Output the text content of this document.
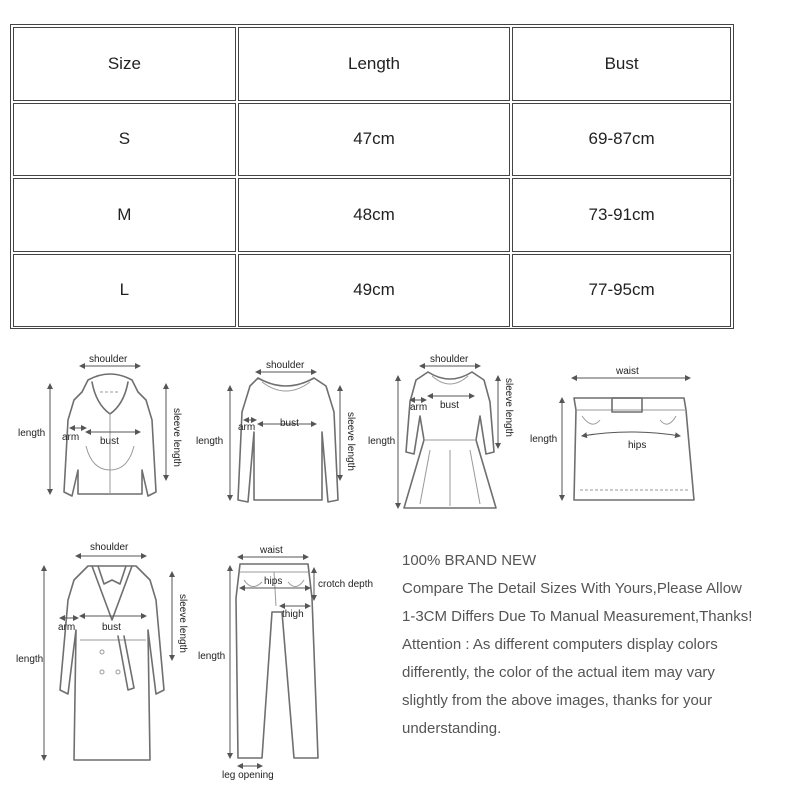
Size	Length	Bust
S	47cm	69-87cm
M	48cm	73-91cm
L	49cm	77-95cm
shoulder
length arm bust	sleeve length
shoulder
length
arm bust	sleeve length
shoulder
length
arm bust	sleeve length
waist
length
hips
shoulder
length
arm	bust	sleeve length
waist
hips	crotch depth
thigh
length
leg opening

100% BRAND NEW

Compare The Detail Sizes With Yours,Please Allow

1-3CM Differs Due To Manual Measurement,Thanks!

Attention : As different computers display colors

differently, the color of the actual item may vary

slightly from the above images, thanks for your

understanding.
